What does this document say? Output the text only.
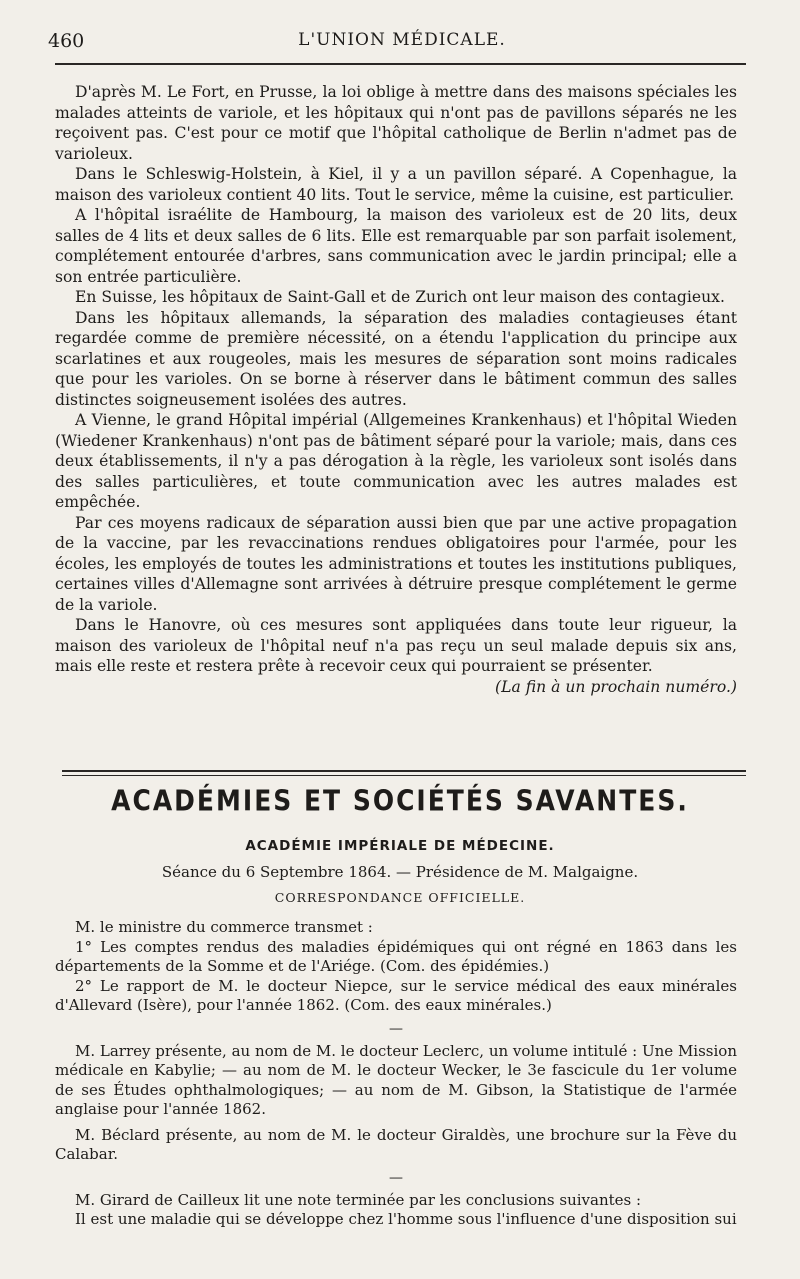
460	L'UNION MÉDICALE.

D'après M. Le Fort, en Prusse, la loi oblige à mettre dans des maisons spéciales les malades atteints de variole, et les hôpitaux qui n'ont pas de pavillons séparés ne les reçoivent pas. C'est pour ce motif que l'hôpital catholique de Berlin n'admet pas de varioleux.

Dans le Schleswig-Holstein, à Kiel, il y a un pavillon séparé. A Copenhague, la maison des varioleux contient 40 lits. Tout le service, même la cuisine, est particulier.

A l'hôpital israélite de Hambourg, la maison des varioleux est de 20 lits, deux salles de 4 lits et deux salles de 6 lits. Elle est remarquable par son parfait isolement, complétement entourée d'arbres, sans communication avec le jardin principal; elle a son entrée particulière.

En Suisse, les hôpitaux de Saint-Gall et de Zurich ont leur maison des contagieux.

Dans les hôpitaux allemands, la séparation des maladies contagieuses étant regardée comme de première nécessité, on a étendu l'application du principe aux scarlatines et aux rougeoles, mais les mesures de séparation sont moins radicales que pour les varioles. On se borne à réserver dans le bâtiment commun des salles distinctes soigneusement isolées des autres.

A Vienne, le grand Hôpital impérial (Allgemeines Krankenhaus) et l'hôpital Wieden (Wiedener Krankenhaus) n'ont pas de bâtiment séparé pour la variole; mais, dans ces deux établissements, il n'y a pas dérogation à la règle, les varioleux sont isolés dans des salles particulières, et toute communication avec les autres malades est empêchée.

Par ces moyens radicaux de séparation aussi bien que par une active propagation de la vaccine, par les revaccinations rendues obligatoires pour l'armée, pour les écoles, les employés de toutes les administrations et toutes les institutions publiques, certaines villes d'Allemagne sont arrivées à détruire presque complétement le germe de la variole.

Dans le Hanovre, où ces mesures sont appliquées dans toute leur rigueur, la maison des varioleux de l'hôpital neuf n'a pas reçu un seul malade depuis six ans, mais elle reste et restera prête à recevoir ceux qui pourraient se présenter.

(La fin à un prochain numéro.)

ACADÉMIES ET SOCIÉTÉS SAVANTES.
ACADÉMIE IMPÉRIALE DE MÉDECINE.
Séance du 6 Septembre 1864. — Présidence de M. Malgaigne.
CORRESPONDANCE OFFICIELLE.

M. le ministre du commerce transmet :

1° Les comptes rendus des maladies épidémiques qui ont régné en 1863 dans les départements de la Somme et de l'Ariége. (Com. des épidémies.)

2° Le rapport de M. le docteur Niepce, sur le service médical des eaux minérales d'Allevard (Isère), pour l'année 1862. (Com. des eaux minérales.)

—

M. Larrey présente, au nom de M. le docteur Leclerc, un volume intitulé : Une Mission médicale en Kabylie; — au nom de M. le docteur Wecker, le 3e fascicule du 1er volume de ses Études ophthalmologiques; — au nom de M. Gibson, la Statistique de l'armée anglaise pour l'année 1862.

M. Béclard présente, au nom de M. le docteur Giraldès, une brochure sur la Fève du Calabar.

—

M. Girard de Cailleux lit une note terminée par les conclusions suivantes :

Il est une maladie qui se développe chez l'homme sous l'influence d'une disposition sui
